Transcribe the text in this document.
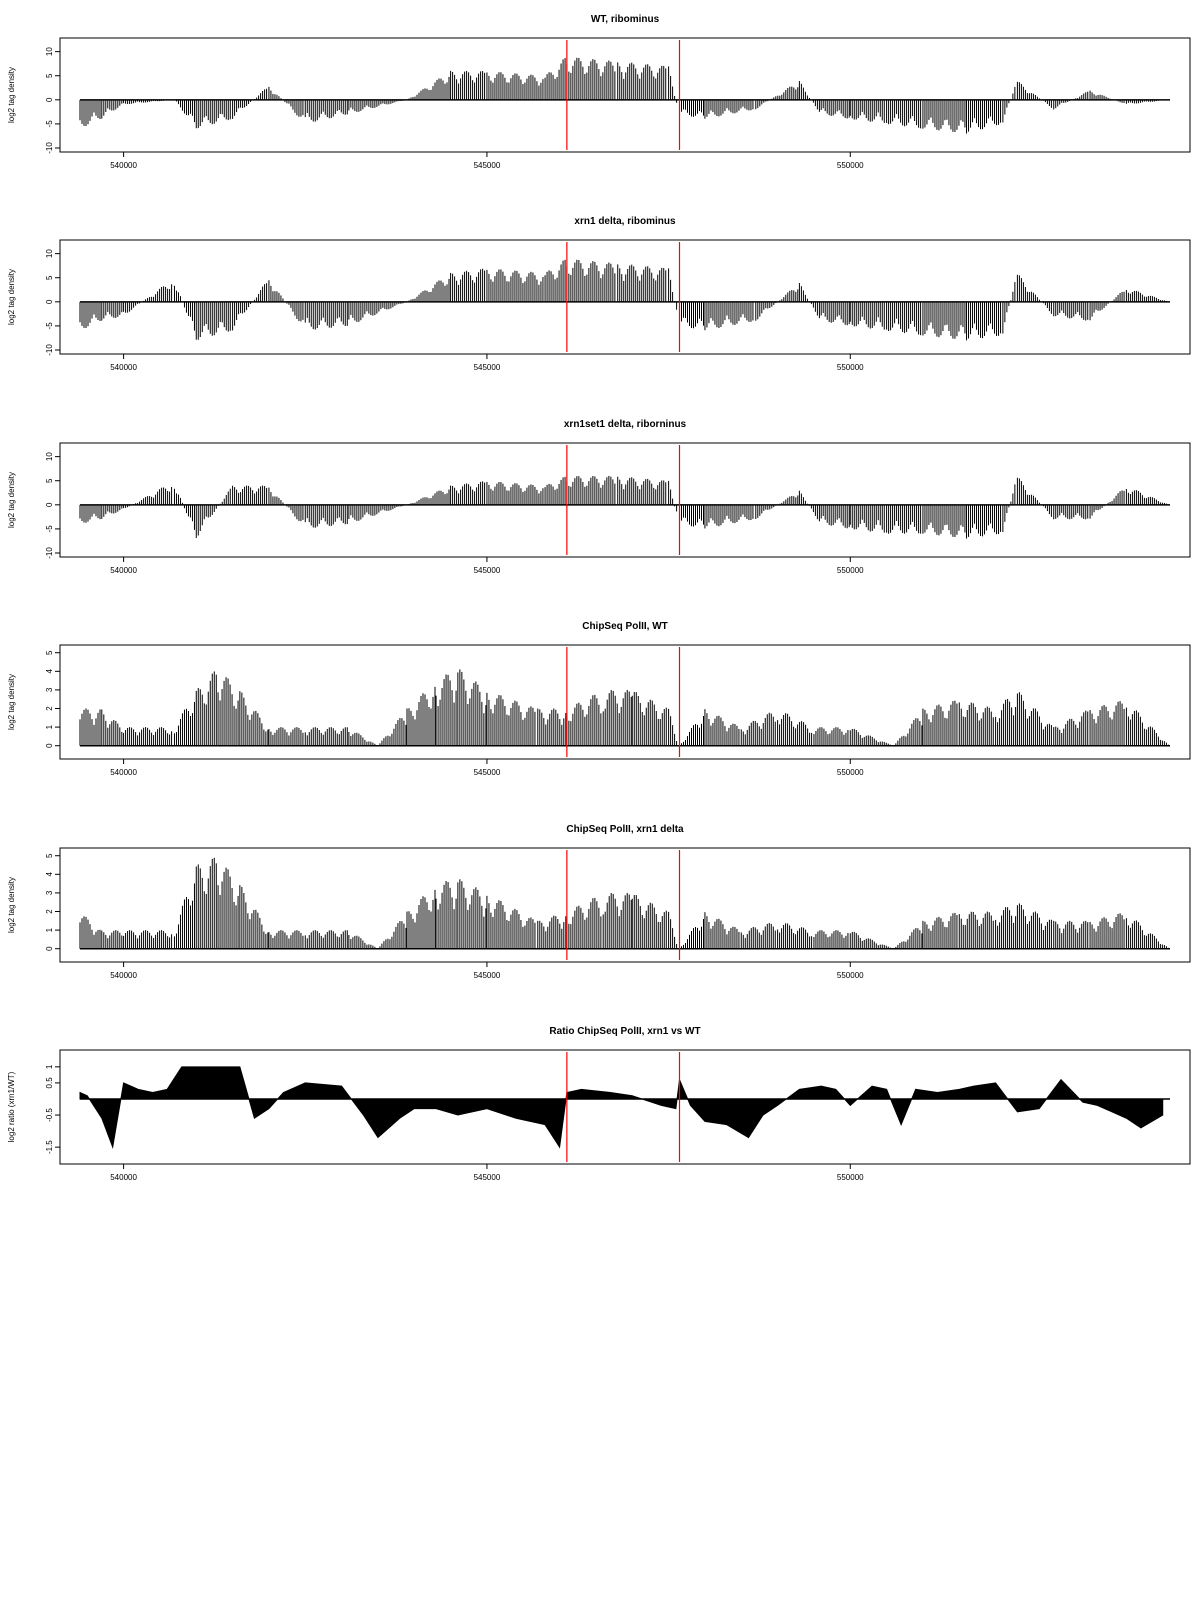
WT, ribominus
log2 tag density
-10
-5
0
5
10
540000	545000	550000
xrn1 delta, ribominus
log2 tag density
-10
-5
0
5
10
540000	545000	550000
xrn1set1 delta, riborninus
log2 tag density
-10
-5
0
5
10
540000	545000	550000
ChipSeq PolII, WT
log2 tag density
0
1
2
3
4
5
540000	545000	550000
ChipSeq PolII, xrn1 delta
log2 tag density
0
1
2
3
4
5
540000	545000	550000
Ratio ChipSeq PolII, xrn1 vs WT
log2 ratio (xrn1/WT)
-1.5
-0.5
0.5
1
540000	545000	550000
